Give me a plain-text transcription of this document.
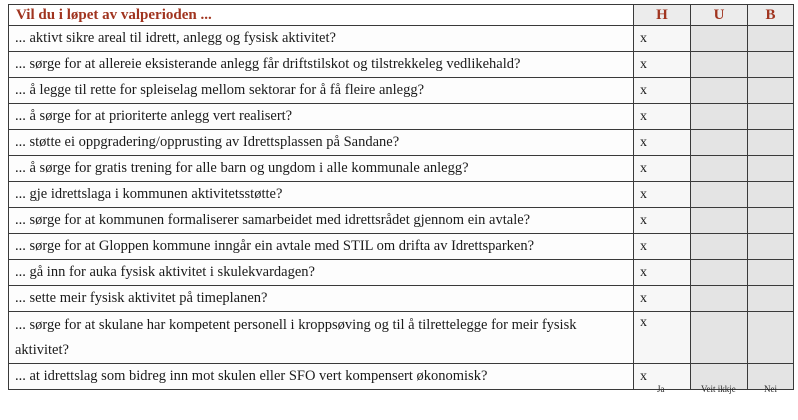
Vil du i løpet av valperioden ...	H	U	B
... aktivt sikre areal til idrett, anlegg og fysisk aktivitet?	x		
... sørge for at allereie eksisterande anlegg får driftstilskot og tilstrekkeleg vedlikehald?	x		
... å legge til rette for spleiselag mellom sektorar for å få fleire anlegg?	x		
... å sørge for at prioriterte anlegg vert realisert?	x		
... støtte ei oppgradering/opprusting av Idrettsplassen på Sandane?	x		
... å sørge for gratis trening for alle barn og ungdom i alle kommunale anlegg?	x		
... gje idrettslaga i kommunen aktivitetsstøtte?	x		
... sørge for at kommunen formaliserer samarbeidet med idrettsrådet gjennom ein avtale?	x		
... sørge for at Gloppen kommune inngår ein avtale med STIL om drifta av Idrettsparken?	x		
... gå inn for auka fysisk aktivitet i skulekvardagen?	x		
... sette meir fysisk aktivitet på timeplanen?	x		
... sørge for at skulane har kompetent personell i kroppsøving og til å tilrettelegge for meir fysisk aktivitet?	x		
... at idrettslag som bidreg inn mot skulen eller SFO vert kompensert økonomisk?	x		
Ja	Veit ikkje	Nei
